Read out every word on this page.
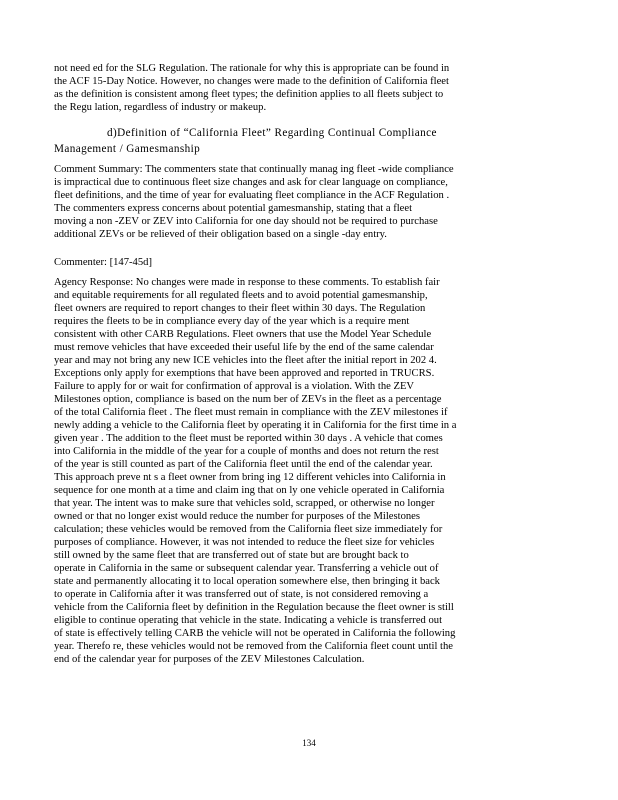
not need ed for the SLG Regulation. The rationale for why this is appropriate can be found in
the ACF 15-Day Notice. However, no changes were made to the definition of California fleet
as the definition is consistent among fleet types; the definition applies to all fleets subject to
the Regu lation, regardless of industry or makeup.
d)Definition of “California Fleet” Regarding Continual Compliance
Management / Gamesmanship
Comment Summary: The commenters state that continually manag ing fleet -wide compliance
is impractical due to continuous fleet size changes and ask for clear language on compliance,
fleet definitions, and the time of year for evaluating fleet compliance in the ACF Regulation .
The commenters express concerns about potential gamesmanship, stating that a fleet
moving a non -ZEV or ZEV into California for one day should not be required to purchase
additional ZEVs or be relieved of their obligation based on a single -day entry.
Commenter: [147-45d]
Agency Response: No changes were made in response to these comments. To establish fair
and equitable requirements for all regulated fleets and to avoid potential gamesmanship,
fleet owners are required to report changes to their fleet within 30 days. The Regulation
requires the fleets to be in compliance every day of the year which is a require ment
consistent with other CARB Regulations. Fleet owners that use the Model Year Schedule
must remove vehicles that have exceeded their useful life by the end of the same calendar
year and may not bring any new ICE vehicles into the fleet after the initial report in 202 4.
Exceptions only apply for exemptions that have been approved and reported in TRUCRS.
Failure to apply for or wait for confirmation of approval is a violation. With the ZEV
Milestones option, compliance is based on the num ber of ZEVs in the fleet as a percentage
of the total California fleet . The fleet must remain in compliance with the ZEV milestones if
newly adding a vehicle to the California fleet by operating it in California for the first time in a
given year . The addition to the fleet must be reported within 30 days . A vehicle that comes
into California in the middle of the year for a couple of months and does not return the rest
of the year is still counted as part of the California fleet until the end of the calendar year.
This approach preve nt s a fleet owner from bring ing 12 different vehicles into California in
sequence for one month at a time and claim ing that on ly one vehicle operated in California
that year. The intent was to make sure that vehicles sold, scrapped, or otherwise no longer
owned or that no longer exist would reduce the number for purposes of the Milestones
calculation; these vehicles would be removed from the California fleet size immediately for
purposes of compliance. However, it was not intended to reduce the fleet size for vehicles
still owned by the same fleet that are transferred out of state but are brought back to
operate in California in the same or subsequent calendar year. Transferring a vehicle out of
state and permanently allocating it to local operation somewhere else, then bringing it back
to operate in California after it was transferred out of state, is not considered removing a
vehicle from the California fleet by definition in the Regulation because the fleet owner is still
eligible to continue operating that vehicle in the state. Indicating a vehicle is transferred out
of state is effectively telling CARB the vehicle will not be operated in California the following
year. Therefo re, these vehicles would not be removed from the California fleet count until the
end of the calendar year for purposes of the ZEV Milestones Calculation.
134
